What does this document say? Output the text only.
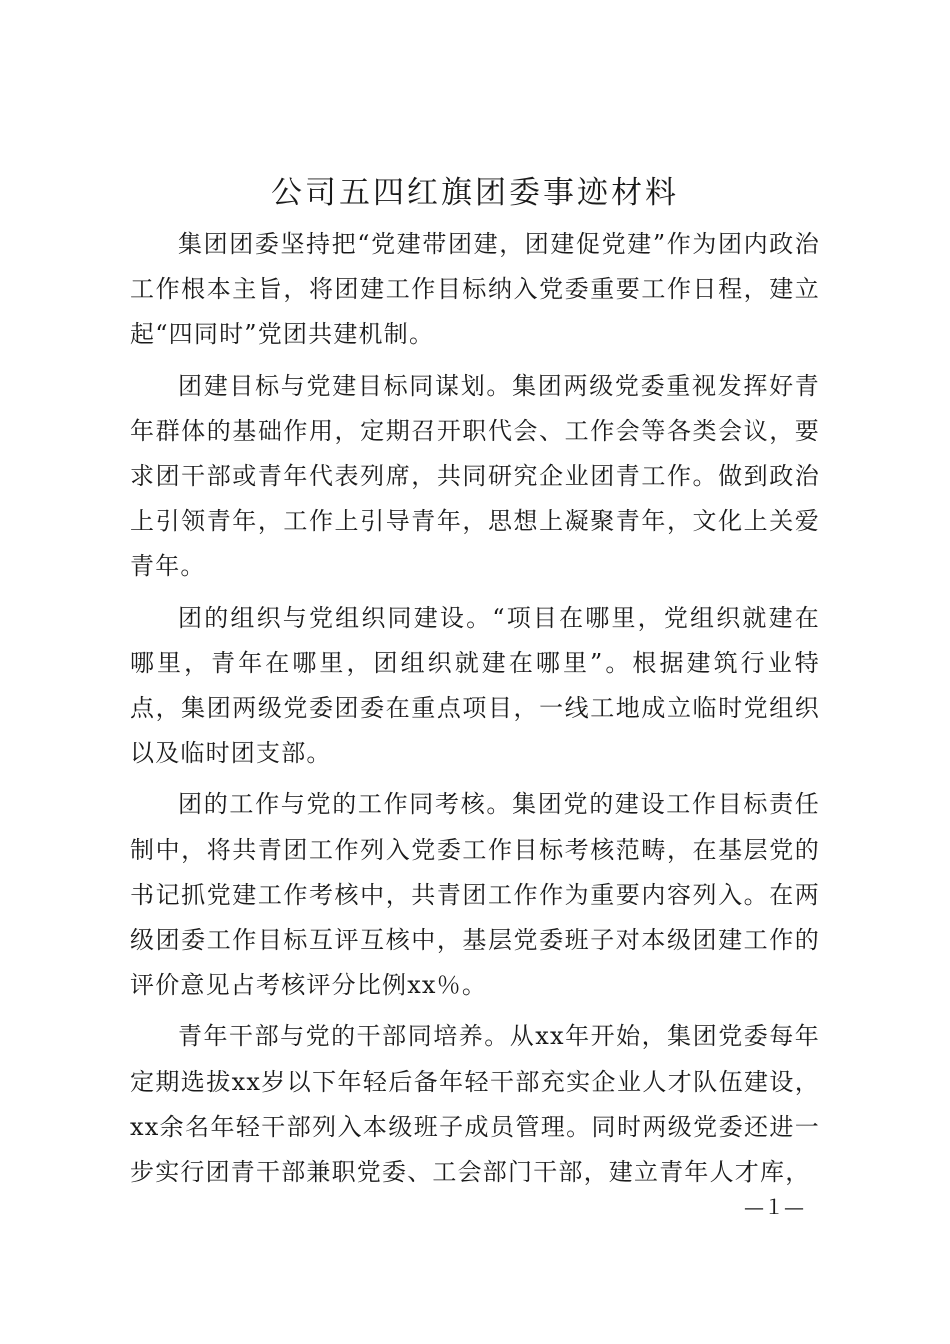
公司五四红旗团委事迹材料

集团团委坚持把“党建带团建，团建促党建”作为团内政治工作根本主旨，将团建工作目标纳入党委重要工作日程，建立起“四同时”党团共建机制。

团建目标与党建目标同谋划。集团两级党委重视发挥好青年群体的基础作用，定期召开职代会、工作会等各类会议，要求团干部或青年代表列席，共同研究企业团青工作。做到政治上引领青年，工作上引导青年，思想上凝聚青年，文化上关爱青年。

团的组织与党组织同建设。“项目在哪里，党组织就建在哪里，青年在哪里，团组织就建在哪里”。根据建筑行业特点，集团两级党委团委在重点项目，一线工地成立临时党组织以及临时团支部。

团的工作与党的工作同考核。集团党的建设工作目标责任制中，将共青团工作列入党委工作目标考核范畴，在基层党的书记抓党建工作考核中，共青团工作作为重要内容列入。在两级团委工作目标互评互核中，基层党委班子对本级团建工作的评价意见占考核评分比例xx％。

青年干部与党的干部同培养。从xx年开始，集团党委每年定期选拔xx岁以下年轻后备年轻干部充实企业人才队伍建设，xx余名年轻干部列入本级班子成员管理。同时两级党委还进一步实行团青干部兼职党委、工会部门干部，建立青年人才库，

—１—
